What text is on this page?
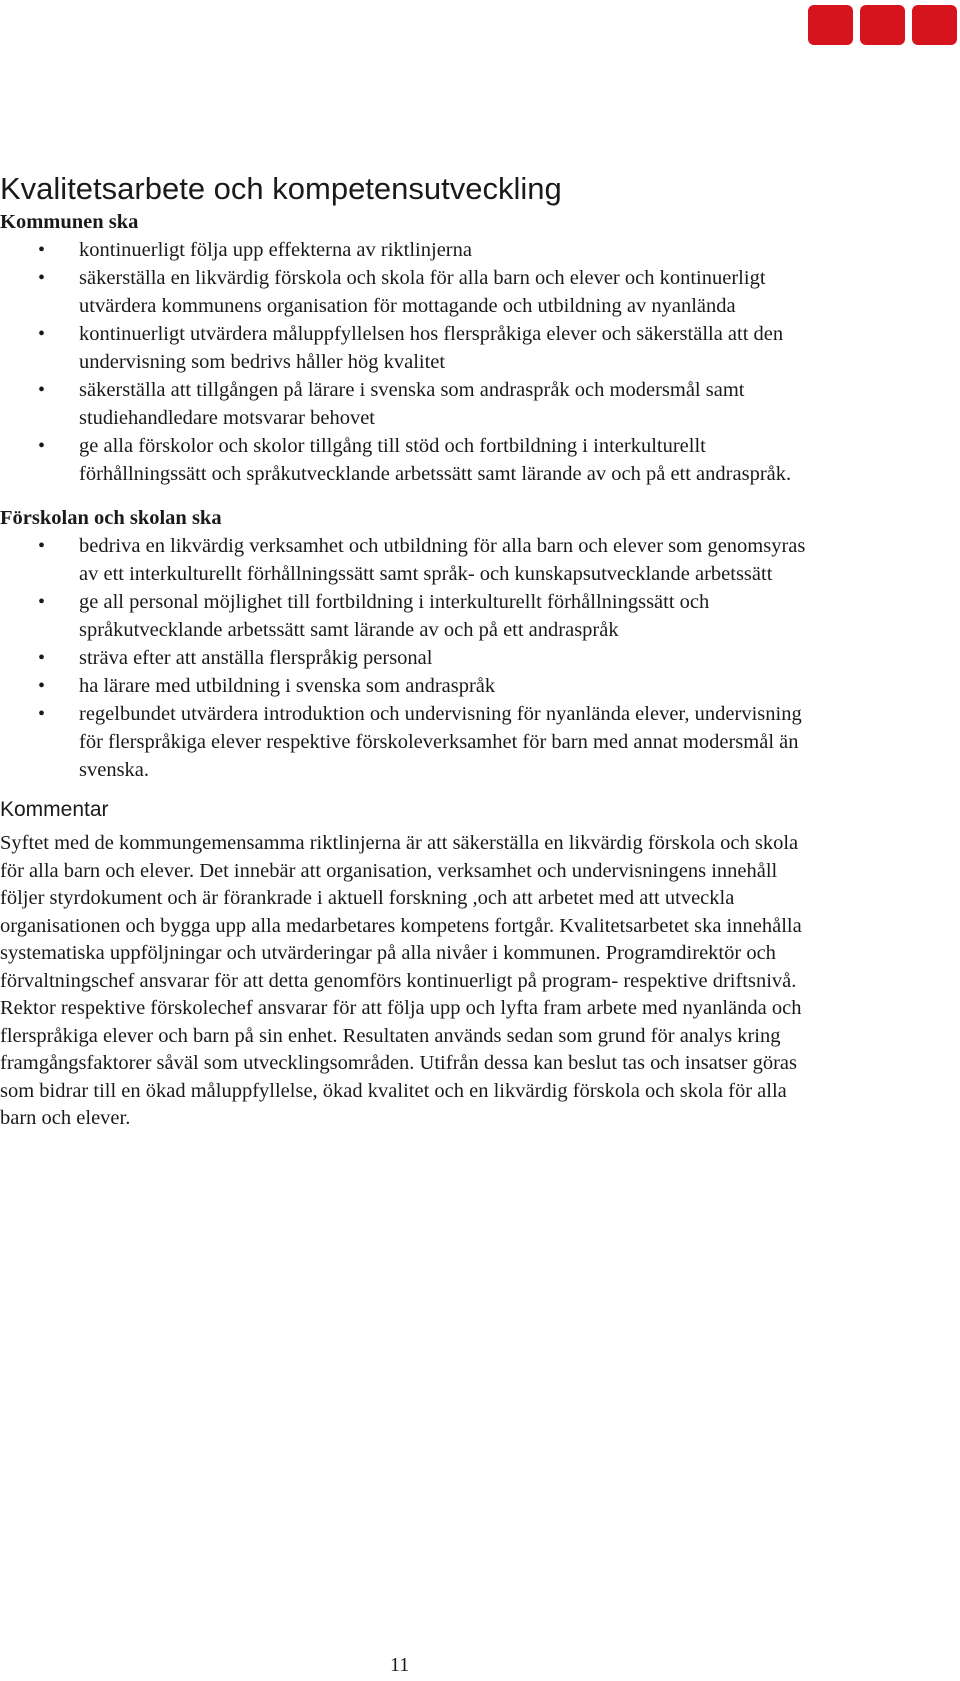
Kvalitetsarbete och kompetensutveckling
Kommunen ska
• kontinuerligt följa upp effekterna av riktlinjerna
• säkerställa en likvärdig förskola och skola för alla barn och elever och kontinuerligt utvärdera kommunens organisation för mottagande och utbildning av nyanlända
• kontinuerligt utvärdera måluppfyllelsen hos flerspråkiga elever och säkerställa att den undervisning som bedrivs håller hög kvalitet
• säkerställa att tillgången på lärare i svenska som andraspråk och modersmål samt studiehandledare motsvarar behovet
• ge alla förskolor och skolor tillgång till stöd och fortbildning i interkulturellt förhållningssätt och språkutvecklande arbetssätt samt lärande av och på ett andraspråk.
Förskolan och skolan ska
• bedriva en likvärdig verksamhet och utbildning för alla barn och elever som genomsyras av ett interkulturellt förhållningssätt samt språk- och kunskapsutvecklande arbetssätt
• ge all personal möjlighet till fortbildning i interkulturellt förhållningssätt och språkutvecklande arbetssätt samt lärande av och på ett andraspråk
• sträva efter att anställa flerspråkig personal
• ha lärare med utbildning i svenska som andraspråk
• regelbundet utvärdera introduktion och undervisning för nyanlända elever, undervisning för flerspråkiga elever respektive förskoleverksamhet för barn med annat modersmål än svenska.
Kommentar

Syftet med de kommungemensamma riktlinjerna är att säkerställa en likvärdig förskola och skola för alla barn och elever. Det innebär att organisation, verksamhet och undervisningens innehåll följer styrdokument och är förankrade i aktuell forskning ,och att arbetet med att utveckla organisationen och bygga upp alla medarbetares kompetens fortgår. Kvalitetsarbetet ska innehålla systematiska uppföljningar och utvärderingar på alla nivåer i kommunen. Programdirektör och förvaltningschef ansvarar för att detta genomförs kontinuerligt på program- respektive driftsnivå. Rektor respektive förskolechef ansvarar för att följa upp och lyfta fram arbete med nyanlända och flerspråkiga elever och barn på sin enhet. Resultaten används sedan som grund för analys kring framgångsfaktorer såväl som utvecklingsområden. Utifrån dessa kan beslut tas och insatser göras som bidrar till en ökad måluppfyllelse, ökad kvalitet och en likvärdig förskola och skola för alla barn och elever.

11
